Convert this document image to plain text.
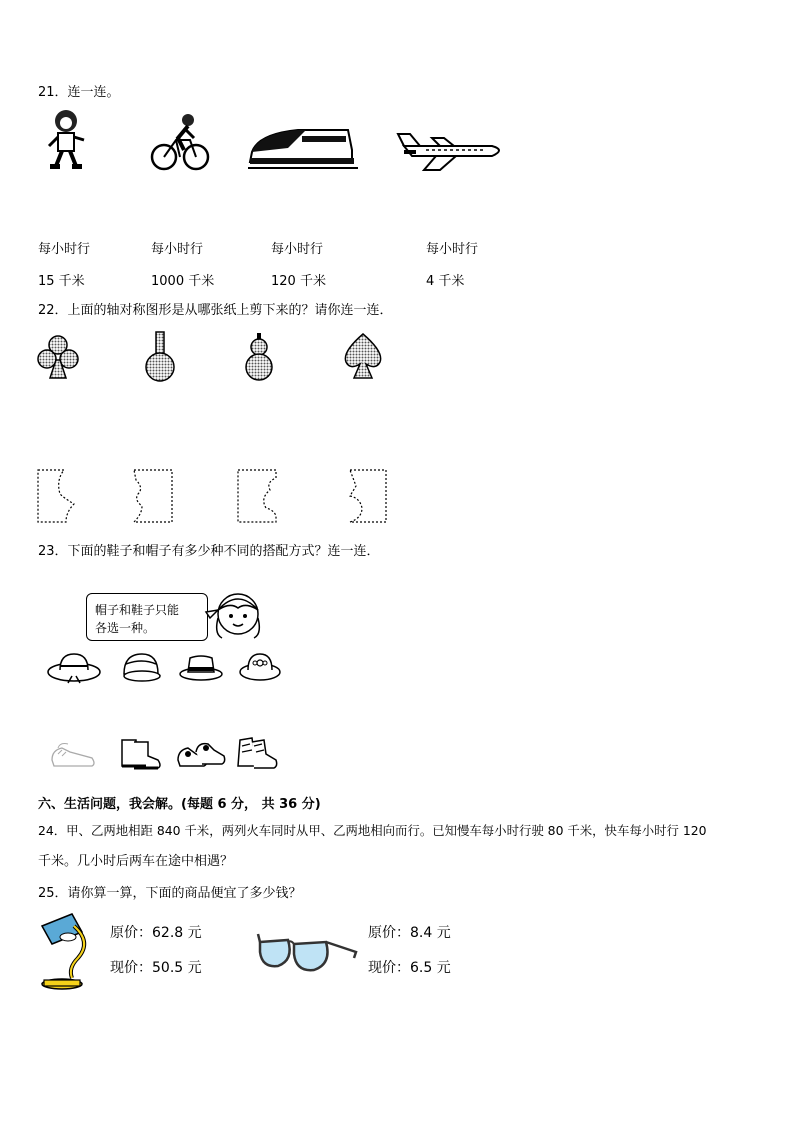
21．连一连。
每小时行	每小时行	每小时行	每小时行
15 千米	1000 千米	120 千米	4 千米
22．上面的轴对称图形是从哪张纸上剪下来的？请你连一连．
23．下面的鞋子和帽子有多少种不同的搭配方式？连一连．
帽子和鞋子只能
各选一种。
六、生活问题，我会解。(每题 6 分， 共 36 分)
24．甲、乙两地相距 840 千米，两列火车同时从甲、乙两地相向而行。已知慢车每小时行驶 80 千米，快车每小时行 120
千米。几小时后两车在途中相遇？
25．请你算一算，下面的商品便宜了多少钱？
原价：62.8 元
现价：50.5 元
原价：8.4 元
现价：6.5 元
